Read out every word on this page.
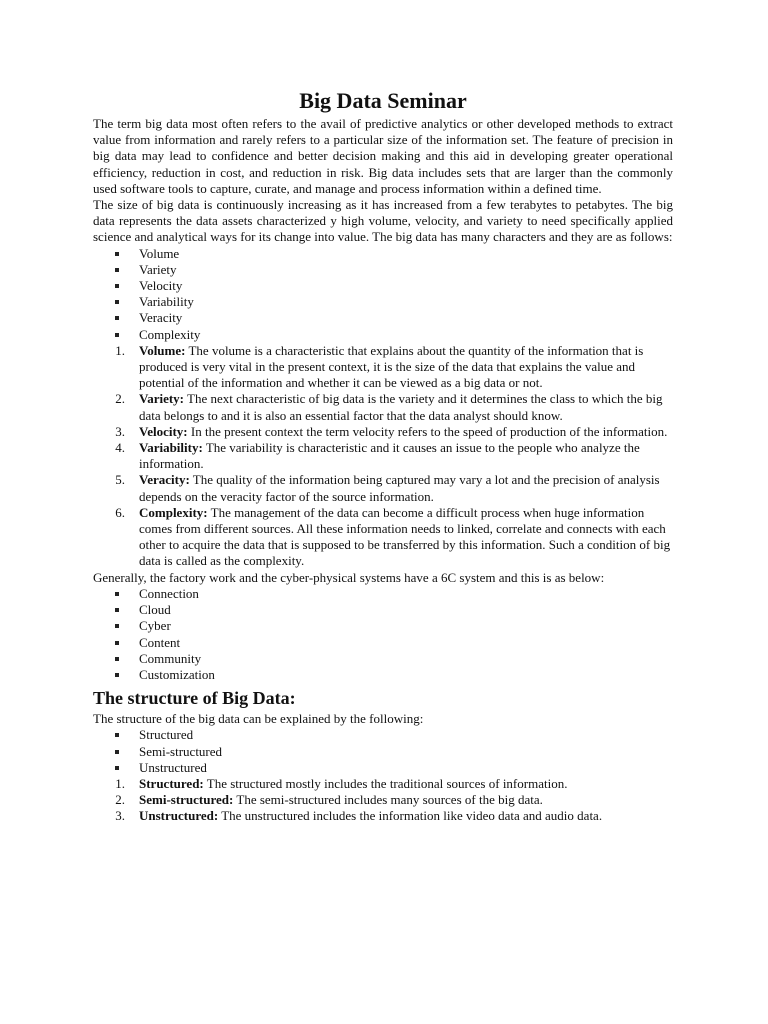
Big Data Seminar

The term big data most often refers to the avail of predictive analytics or other developed methods to extract value from information and rarely refers to a particular size of the information set. The feature of precision in big data may lead to confidence and better decision making and this aid in developing greater operational efficiency, reduction in cost, and reduction in risk. Big data includes sets that are larger than the commonly used software tools to capture, curate, and manage and process information within a defined time.

The size of big data is continuously increasing as it has increased from a few terabytes to petabytes. The big data represents the data assets characterized y high volume, velocity, and variety to need specifically applied science and analytical ways for its change into value. The big data has many characters and they are as follows:

Volume
Variety
Velocity
Variability
Veracity
Complexity
1 . Volume: The volume is a characteristic that explains about the quantity of the information that is produced is very vital in the present context, it is the size of the data that explains the value and potential of the information and whether it can be viewed as a big data or not.
2 . Variety: The next characteristic of big data is the variety and it determines the class to which the big data belongs to and it is also an essential factor that the data analyst should know.
3 . Velocity: In the present context the term velocity refers to the speed of production of the information.
4 . Variability: The variability is characteristic and it causes an issue to the people who analyze the information.
5 . Veracity: The quality of the information being captured may vary a lot and the precision of analysis depends on the veracity factor of the source information.
6 . Complexity: The management of the data can become a difficult process when huge information comes from different sources. All these information needs to linked, correlate and connects with each other to acquire the data that is supposed to be transferred by this information. Such a condition of big data is called as the complexity.

Generally, the factory work and the cyber-physical systems have a 6C system and this is as below:

Connection
Cloud
Cyber
Content
Community
Customization
The structure of Big Data:

The structure of the big data can be explained by the following:

Structured
Semi-structured
Unstructured
1 . Structured: The structured mostly includes the traditional sources of information.
2 . Semi-structured: The semi-structured includes many sources of the big data.
3 . Unstructured: The unstructured includes the information like video data and audio data.
